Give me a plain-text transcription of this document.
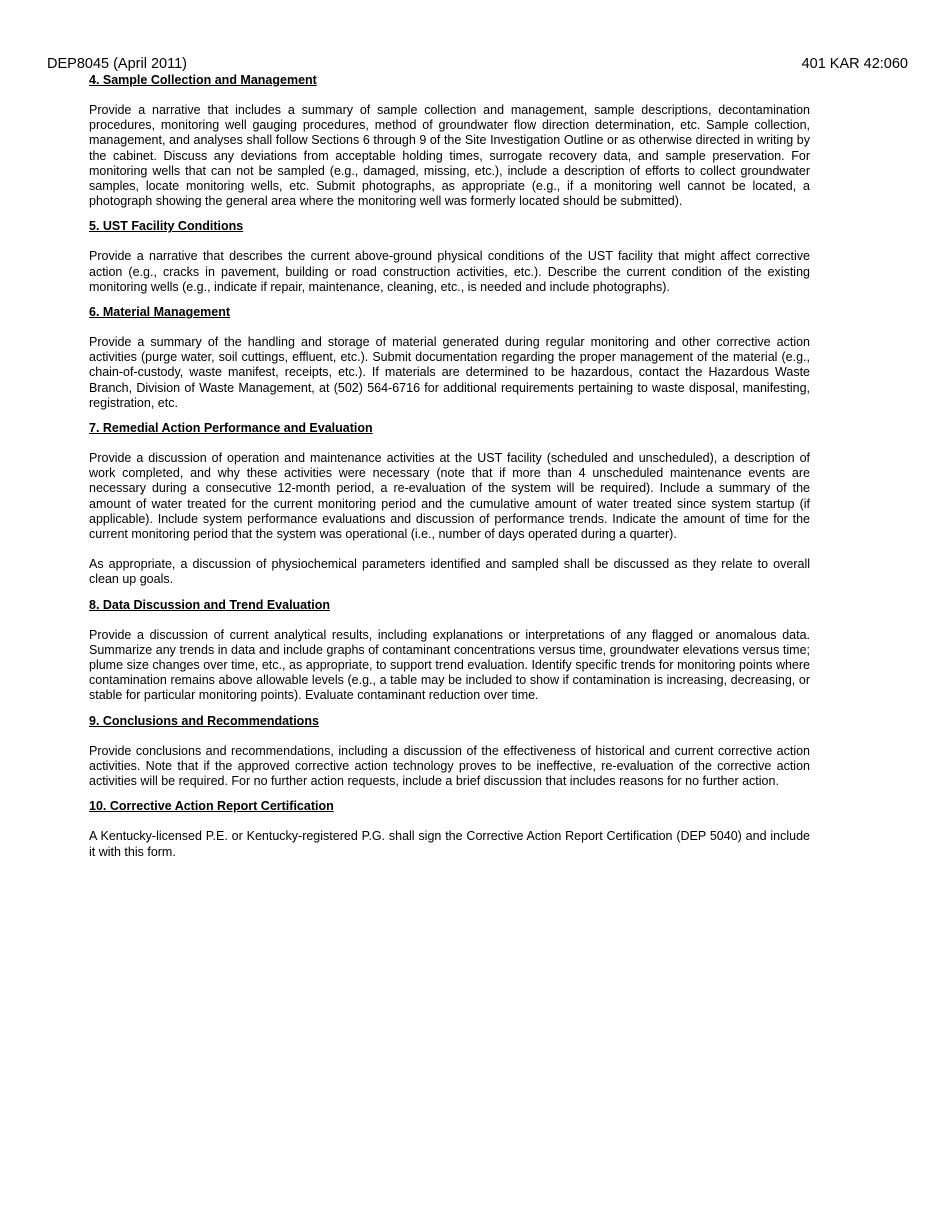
DEP8045 (April 2011)	401 KAR 42:060
4. Sample Collection and Management

Provide a narrative that includes a summary of sample collection and management, sample descriptions, decontamination procedures, monitoring well gauging procedures, method of groundwater flow direction determination, etc. Sample collection, management, and analyses shall follow Sections 6 through 9 of the Site Investigation Outline or as otherwise directed in writing by the cabinet. Discuss any deviations from acceptable holding times, surrogate recovery data, and sample preservation. For monitoring wells that can not be sampled (e.g., damaged, missing, etc.), include a description of efforts to collect groundwater samples, locate monitoring wells, etc. Submit photographs, as appropriate (e.g., if a monitoring well cannot be located, a photograph showing the general area where the monitoring well was formerly located should be submitted).

5. UST Facility Conditions

Provide a narrative that describes the current above-ground physical conditions of the UST facility that might affect corrective action (e.g., cracks in pavement, building or road construction activities, etc.). Describe the current condition of the existing monitoring wells (e.g., indicate if repair, maintenance, cleaning, etc., is needed and include photographs).

6. Material Management

Provide a summary of the handling and storage of material generated during regular monitoring and other corrective action activities (purge water, soil cuttings, effluent, etc.). Submit documentation regarding the proper management of the material (e.g., chain-of-custody, waste manifest, receipts, etc.). If materials are determined to be hazardous, contact the Hazardous Waste Branch, Division of Waste Management, at (502) 564-6716 for additional requirements pertaining to waste disposal, manifesting, registration, etc.

7. Remedial Action Performance and Evaluation

Provide a discussion of operation and maintenance activities at the UST facility (scheduled and unscheduled), a description of work completed, and why these activities were necessary (note that if more than 4 unscheduled maintenance events are necessary during a consecutive 12-month period, a re-evaluation of the system will be required). Include a summary of the amount of water treated for the current monitoring period and the cumulative amount of water treated since system startup (if applicable). Include system performance evaluations and discussion of performance trends. Indicate the amount of time for the current monitoring period that the system was operational (i.e., number of days operated during a quarter).

As appropriate, a discussion of physiochemical parameters identified and sampled shall be discussed as they relate to overall clean up goals.

8. Data Discussion and Trend Evaluation

Provide a discussion of current analytical results, including explanations or interpretations of any flagged or anomalous data. Summarize any trends in data and include graphs of contaminant concentrations versus time, groundwater elevations versus time; plume size changes over time, etc., as appropriate, to support trend evaluation. Identify specific trends for monitoring points where contamination remains above allowable levels (e.g., a table may be included to show if contamination is increasing, decreasing, or stable for particular monitoring points). Evaluate contaminant reduction over time.

9. Conclusions and Recommendations

Provide conclusions and recommendations, including a discussion of the effectiveness of historical and current corrective action activities. Note that if the approved corrective action technology proves to be ineffective, re-evaluation of the corrective action activities will be required. For no further action requests, include a brief discussion that includes reasons for no further action.

10. Corrective Action Report Certification

A Kentucky-licensed P.E. or Kentucky-registered P.G. shall sign the Corrective Action Report Certification (DEP 5040) and include it with this form.
